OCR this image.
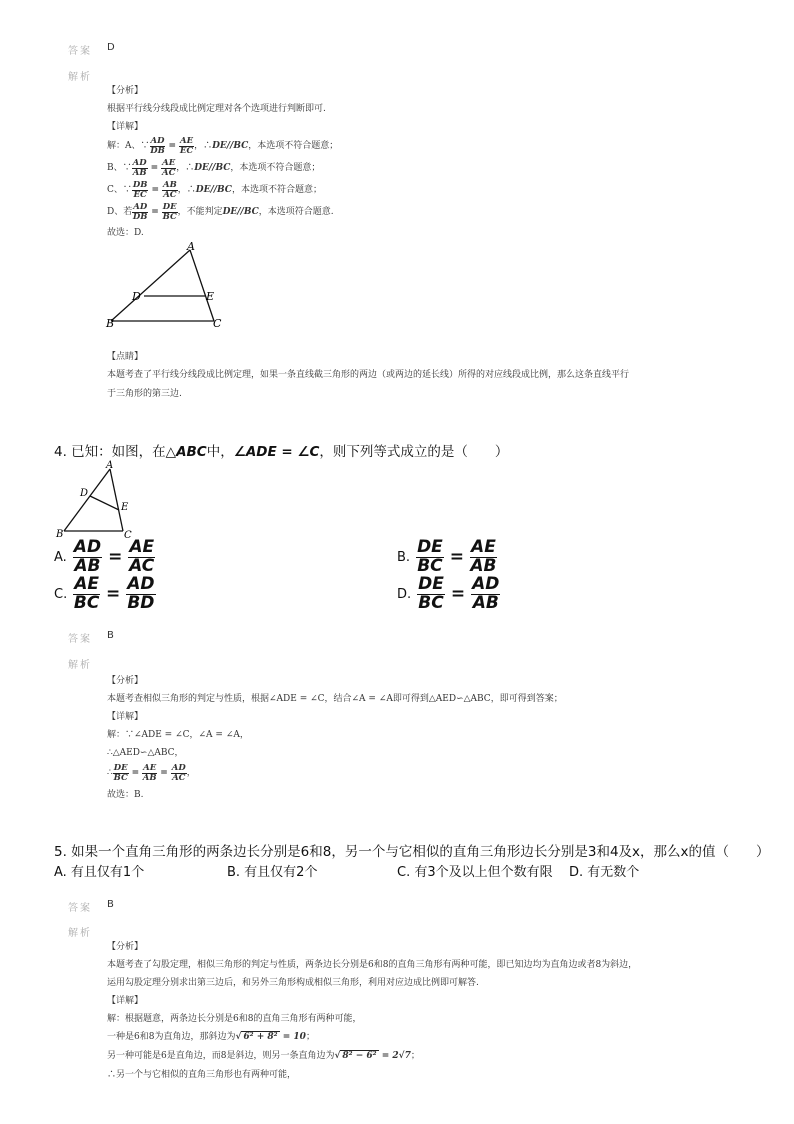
答案 D
解析
【分析】
根据平行线分线段成比例定理对各个选项进行判断即可.
【详解】
解：A、∵ $\frac{AD}{DB} = \frac{AE}{EC}$ ，∴ DE//BC ，本选项不符合题意；
B、∵ $\frac{AD}{AB} = \frac{AE}{AC}$ ，∴ DE//BC ，本选项不符合题意；
C、∵ $\frac{DB}{EC} = \frac{AB}{AC}$ ，∴ DE//BC ，本选项不符合题意；
D、若 $\frac{AD}{DB} = \frac{DE}{BC}$ ，不能判定 DE//BC ，本选项符合题意.
故选：D.
A
D	E
B	C
【点睛】
本题考查了平行线分线段成比例定理，如果一条直线截三角形的两边（或两边的延长线）所得的对应线段成比例，那么这条直线平行
于三角形的第三边.
4. 已知：如图，在△ABC中，∠ADE = ∠C，则下列等式成立的是（　　）
A
D
E
B	C
A. $\frac{AD}{AB} = \frac{AE}{AC}$	B. $\frac{DE}{BC} = \frac{AE}{AB}$
C. $\frac{AE}{BC} = \frac{AD}{BD}$	D. $\frac{DE}{BC} = \frac{AD}{AB}$
答案 B
解析
【分析】
本题考查相似三角形的判定与性质，根据∠ADE = ∠C，结合∠A = ∠A即可得到△AED∽△ABC，即可得到答案；
【详解】
解：∵∠ADE = ∠C，∠A = ∠A，
∴△AED∽△ABC，
∴ $\frac{DE}{BC} = \frac{AE}{AB} = \frac{AD}{AC}$ ，
故选：B.
5. 如果一个直角三角形的两条边长分别是6和8，另一个与它相似的直角三角形边长分别是3和4及x，那么x的值（　　）
A. 有且仅有1个	B. 有且仅有2个	C. 有3个及以上但个数有限 D. 有无数个
答案 B
解析
【分析】
本题考查了勾股定理，相似三角形的判定与性质，两条边长分别是6和8的直角三角形有两种可能，即已知边均为直角边或者8为斜边，
运用勾股定理分别求出第三边后，和另外三角形构成相似三角形，利用对应边成比例即可解答.
【详解】
解：根据题意，两条边长分别是6和8的直角三角形有两种可能，
一种是6和8为直角边，那斜边为√ 6² + 8² = 10；
另一种可能是6是直角边，而8是斜边，则另一条直角边为√ 8² − 6² = 2√7；
∴另一个与它相似的直角三角形也有两种可能，
